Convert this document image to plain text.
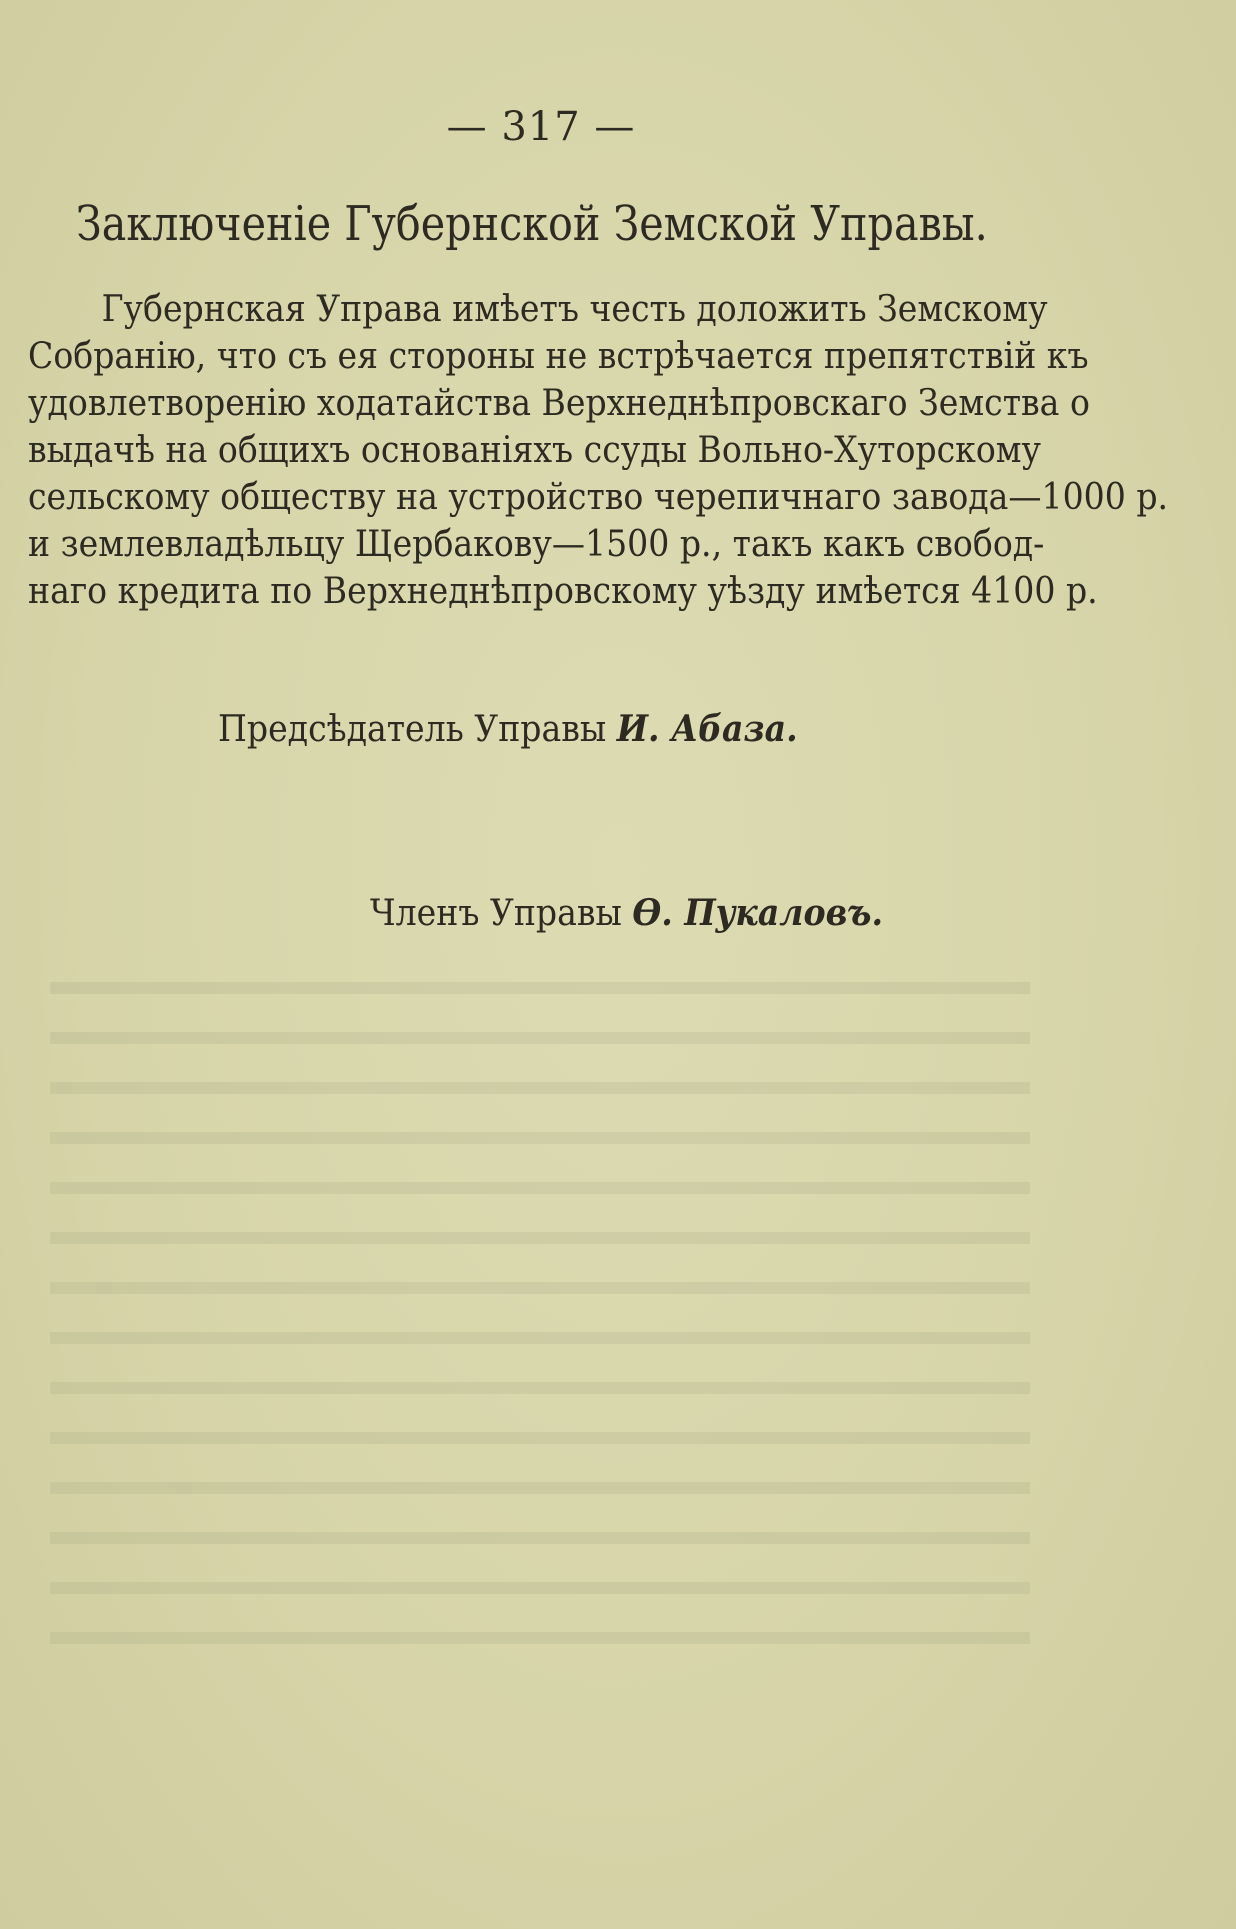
— 317 —
Заключеніе Губернской Земской Управы.
Губернская Управа имѣетъ честь доложить Земскому
Собранію, что съ ея стороны не встрѣчается препятствій къ
удовлетворенію ходатайства Верхнеднѣпровскаго Земства о
выдачѣ на общихъ основаніяхъ ссуды Вольно-Хуторскому
сельскому обществу на устройство черепичнаго завода—1000 р.
и землевладѣльцу Щербакову—1500 р., такъ какъ свобод-
наго кредита по Верхнеднѣпровскому уѣзду имѣется 4100 р.
Предсѣдатель Управы И. Абаза.
Членъ Управы Ѳ. Пукаловъ.
